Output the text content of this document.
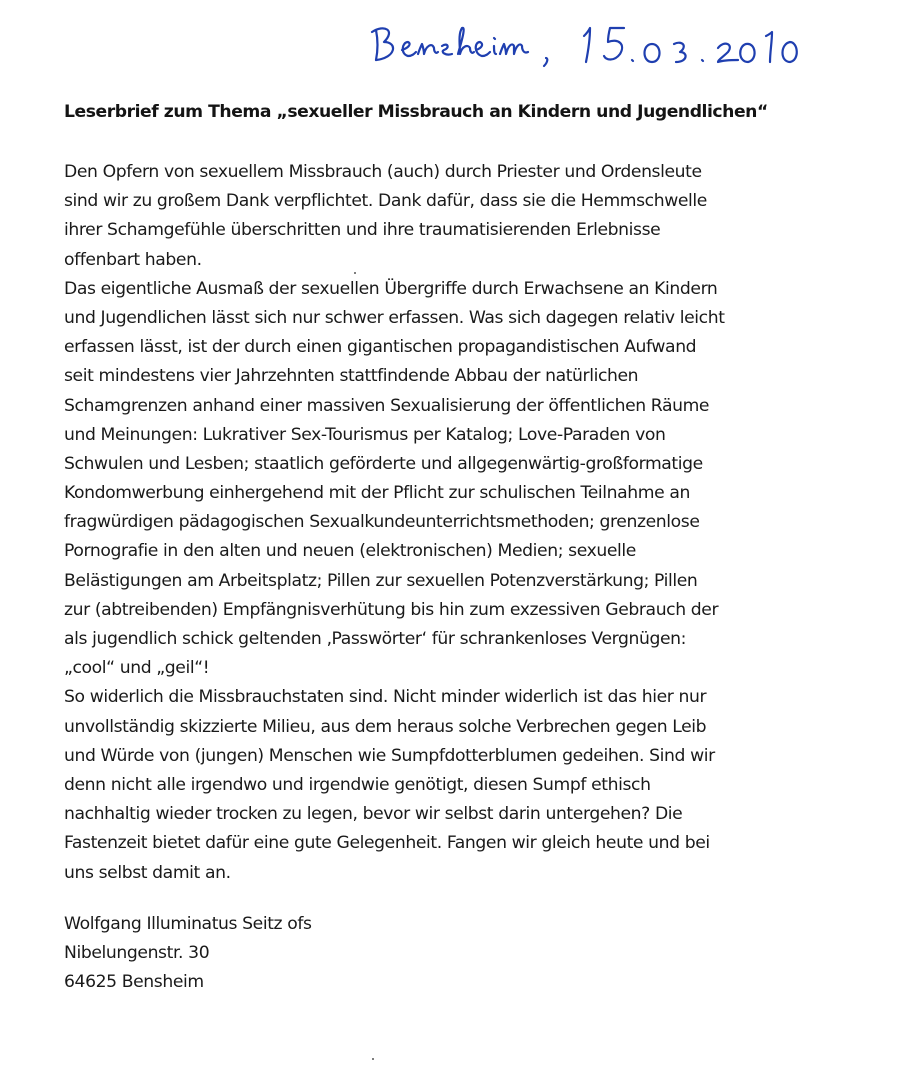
Leserbrief zum Thema „sexueller Missbrauch an Kindern und Jugendlichen“
Den Opfern von sexuellem Missbrauch (auch) durch Priester und Ordensleute
sind wir zu großem Dank verpflichtet. Dank dafür, dass sie die Hemmschwelle
ihrer Schamgefühle überschritten und ihre traumatisierenden Erlebnisse
offenbart haben.
Das eigentliche Ausmaß der sexuellen Übergriffe durch Erwachsene an Kindern
und Jugendlichen lässt sich nur schwer erfassen. Was sich dagegen relativ leicht
erfassen lässt, ist der durch einen gigantischen propagandistischen Aufwand
seit mindestens vier Jahrzehnten stattfindende Abbau der natürlichen
Schamgrenzen anhand einer massiven Sexualisierung der öffentlichen Räume
und Meinungen: Lukrativer Sex-Tourismus per Katalog; Love-Paraden von
Schwulen und Lesben; staatlich geförderte und allgegenwärtig-großformatige
Kondomwerbung einhergehend mit der Pflicht zur schulischen Teilnahme an
fragwürdigen pädagogischen Sexualkundeunterrichtsmethoden; grenzenlose
Pornografie in den alten und neuen (elektronischen) Medien; sexuelle
Belästigungen am Arbeitsplatz; Pillen zur sexuellen Potenzverstärkung; Pillen
zur (abtreibenden) Empfängnisverhütung bis hin zum exzessiven Gebrauch der
als jugendlich schick geltenden ‚Passwörter‘ für schrankenloses Vergnügen:
„cool“ und „geil“!
So widerlich die Missbrauchstaten sind. Nicht minder widerlich ist das hier nur
unvollständig skizzierte Milieu, aus dem heraus solche Verbrechen gegen Leib
und Würde von (jungen) Menschen wie Sumpfdotterblumen gedeihen. Sind wir
denn nicht alle irgendwo und irgendwie genötigt, diesen Sumpf ethisch
nachhaltig wieder trocken zu legen, bevor wir selbst darin untergehen? Die
Fastenzeit bietet dafür eine gute Gelegenheit. Fangen wir gleich heute und bei
uns selbst damit an.
Wolfgang Illuminatus Seitz ofs
Nibelungenstr. 30
64625 Bensheim
